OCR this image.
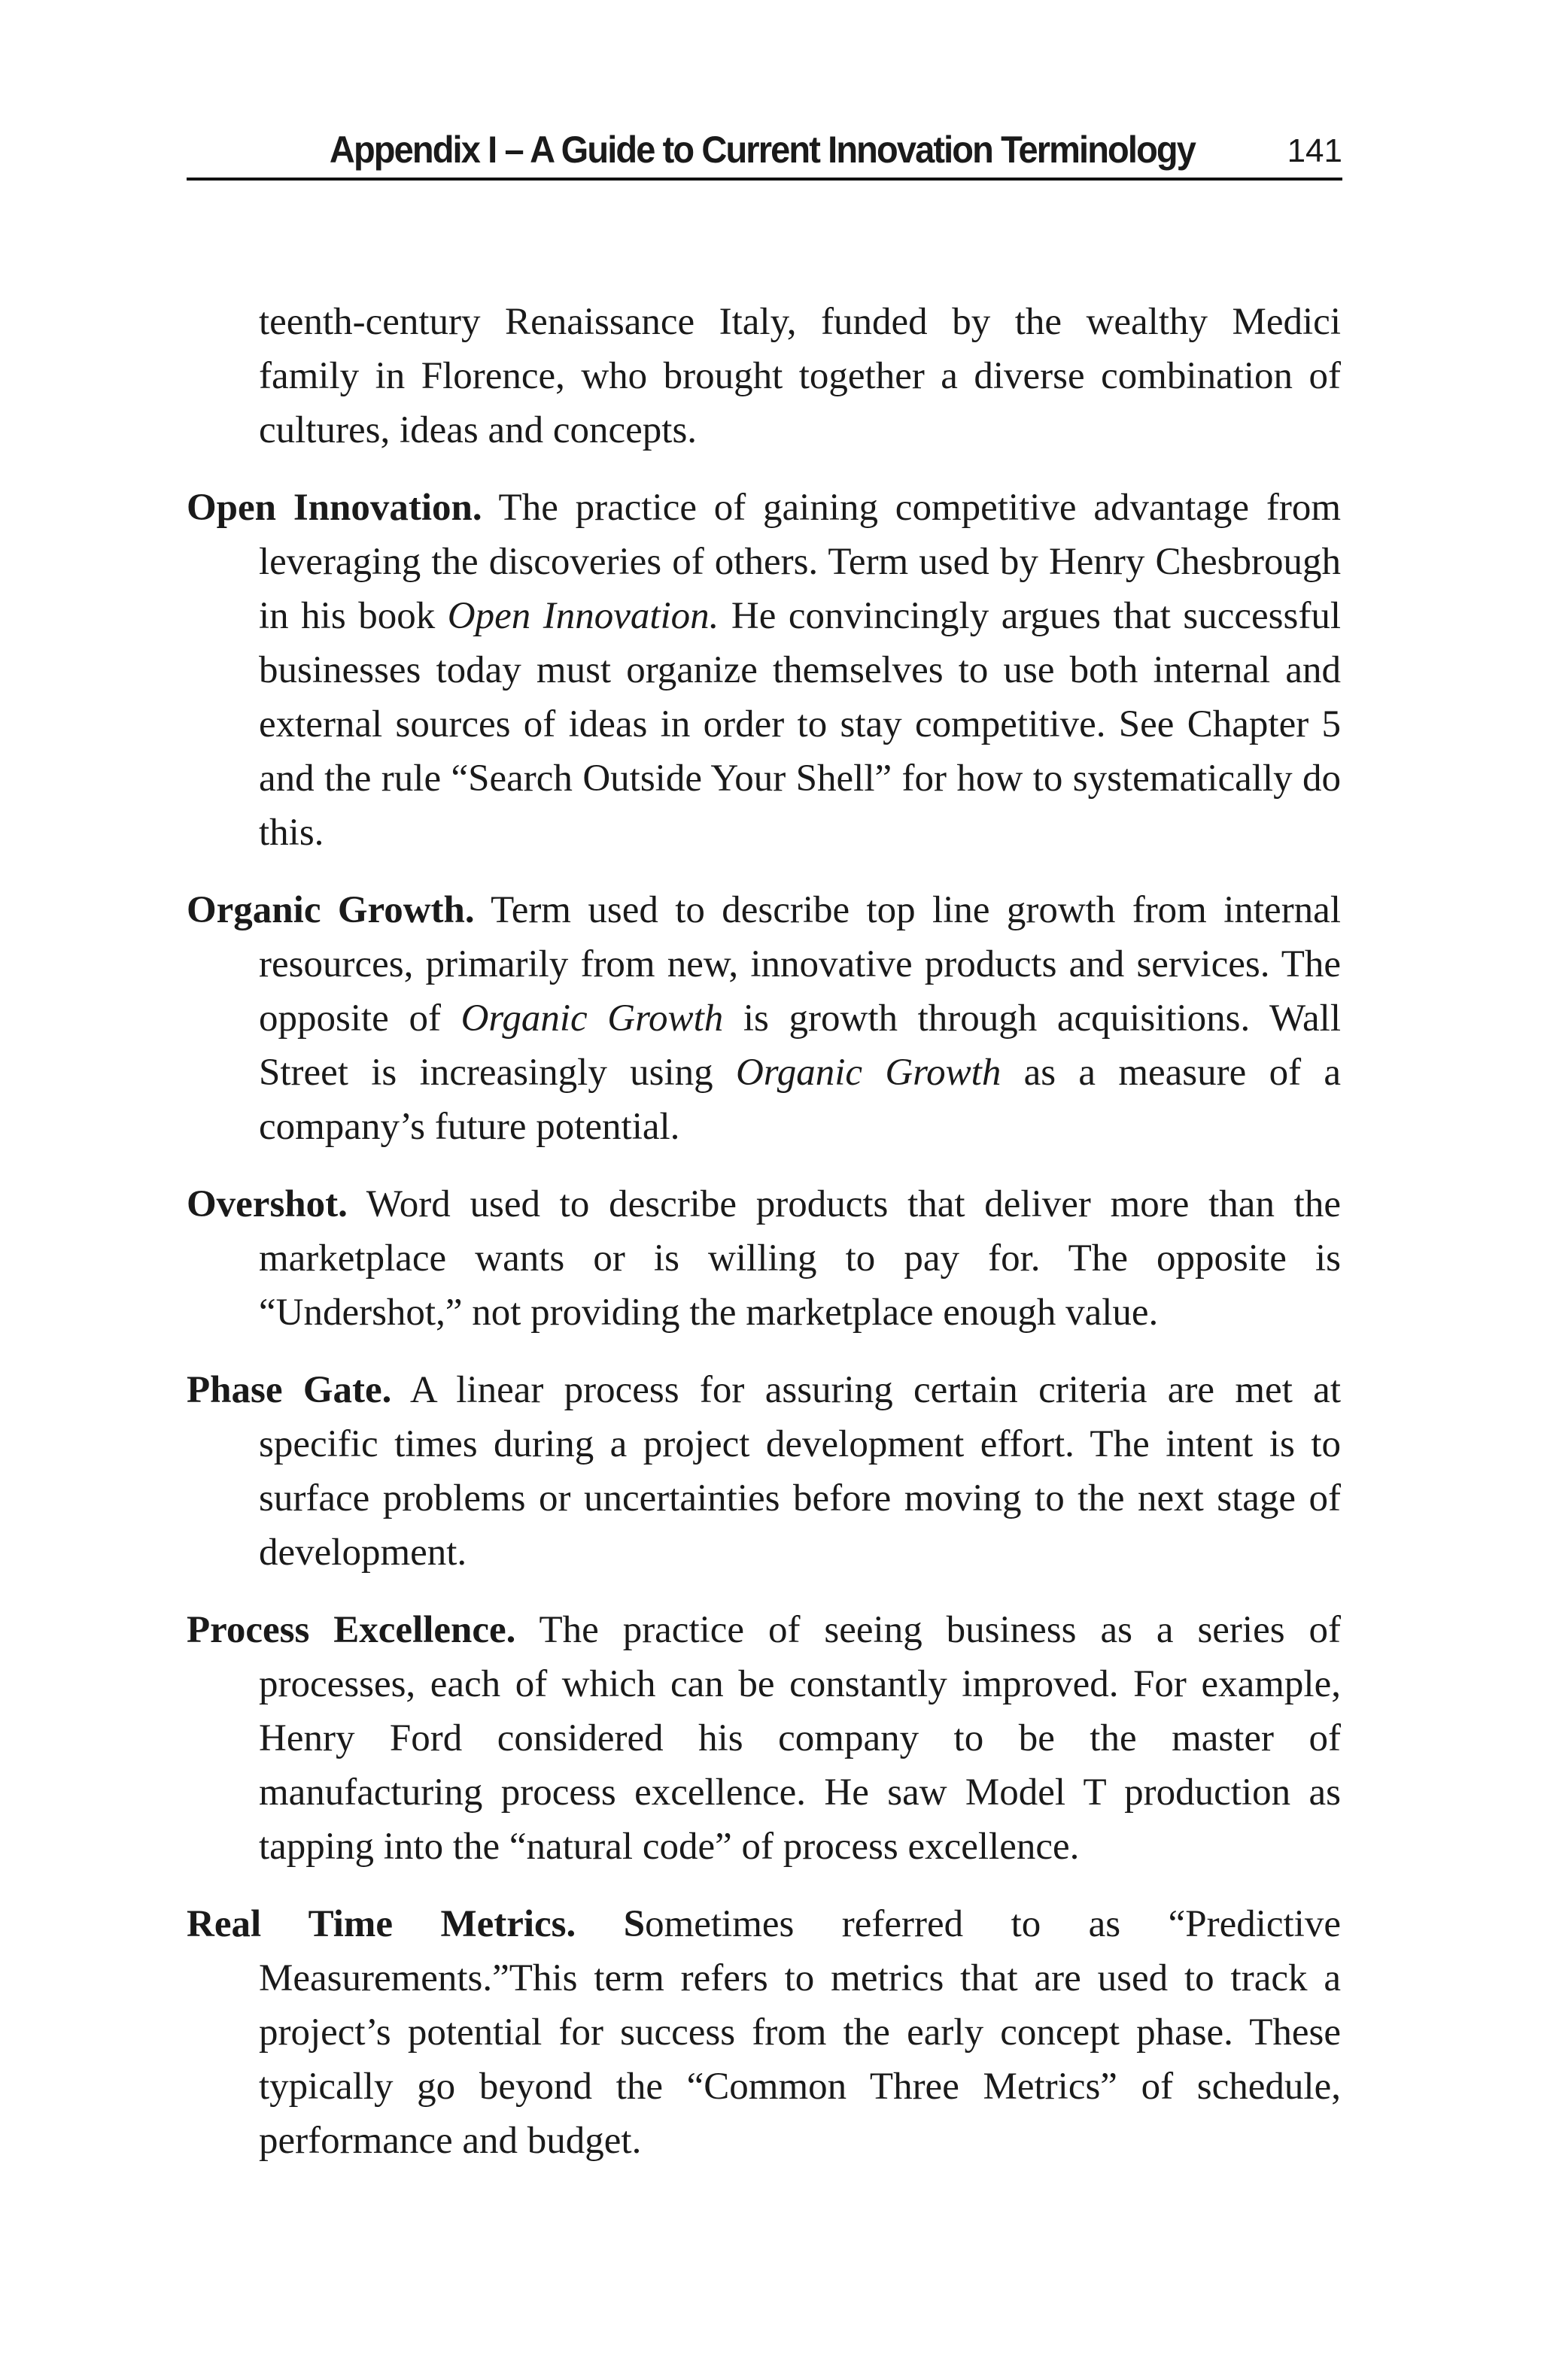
Appendix I – A Guide to Current Innovation Terminology	141

teenth-century Renaissance Italy, funded by the wealthy Medici family in Florence, who brought together a diverse combination of cultures, ideas and concepts.

Open Innovation. The practice of gaining competitive advantage from leveraging the discoveries of others. Term used by Henry Chesbrough in his book Open Innovation. He convincingly argues that successful businesses today must organize themselves to use both internal and external sources of ideas in order to stay competitive. See Chapter 5 and the rule “Search Outside Your Shell” for how to systematically do this.

Organic Growth. Term used to describe top line growth from internal resources, primarily from new, innovative products and services. The opposite of Organic Growth is growth through acquisitions. Wall Street is increasingly using Organic Growth as a measure of a company’s future potential.

Overshot. Word used to describe products that deliver more than the marketplace wants or is willing to pay for. The opposite is “Undershot,” not providing the marketplace enough value.

Phase Gate. A linear process for assuring certain criteria are met at specific times during a project development effort. The intent is to surface problems or uncertainties before moving to the next stage of development.

Process Excellence. The practice of seeing business as a series of processes, each of which can be constantly improved. For example, Henry Ford considered his company to be the master of manufacturing process excellence. He saw Model T production as tapping into the “natural code” of process excellence.

Real Time Metrics. Sometimes referred to as “Predictive Measurements.”This term refers to metrics that are used to track a project’s potential for success from the early concept phase. These typically go beyond the “Common Three Metrics” of schedule, performance and budget.
